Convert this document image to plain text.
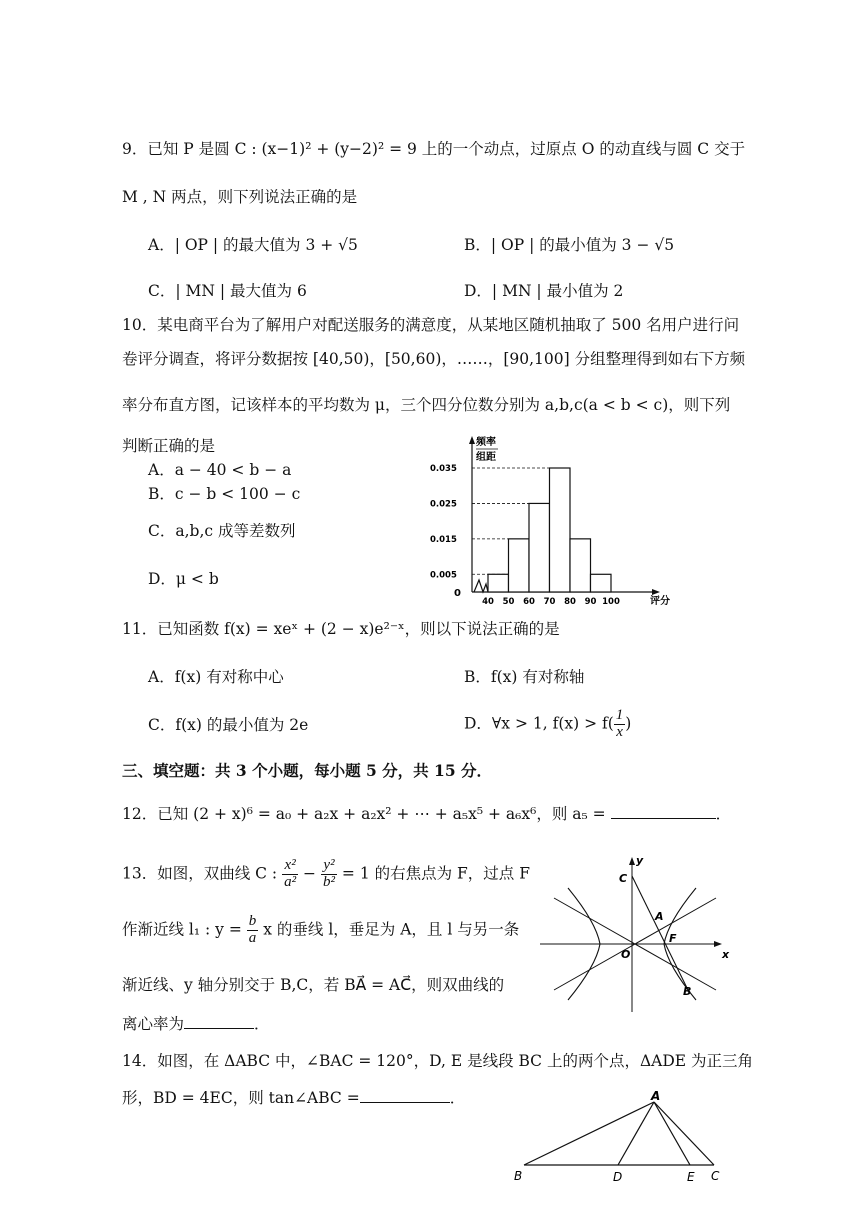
9．已知 P 是圆 C : (x−1)² + (y−2)² = 9 上的一个动点，过原点 O 的动直线与圆 C 交于
M , N 两点，则下列说法正确的是
A．| OP | 的最大值为 3 + √5	B．| OP | 的最小值为 3 − √5
C．| MN | 最大值为 6	D．| MN | 最小值为 2
10．某电商平台为了解用户对配送服务的满意度，从某地区随机抽取了 500 名用户进行问
卷评分调查，将评分数据按 [40,50)，[50,60)，……，[90,100] 分组整理得到如右下方频
率分布直方图，记该样本的平均数为 μ，三个四分位数分别为 a,b,c(a < b < c)，则下列
判断正确的是
A．a − 40 < b − a
B．c − b < 100 − c
C．a,b,c 成等差数列
D．μ < b
频率
组距
0
评分
0.035
0.025
0.015
0.005
40 50 60 70 80 90 100
11．已知函数 f(x) = xeˣ + (2 − x)e²⁻ˣ，则以下说法正确的是
A．f(x) 有对称中心	B．f(x) 有对称轴
C．f(x) 的最小值为 2e	D．∀x > 1, $f(x) > f( \frac{1}{x}$ )
三、填空题：共 3 个小题，每小题 5 分，共 15 分．
12．已知 (2 + x)⁶ = a₀ + a₂x + a₂x² + ⋯ + a₅x⁵ + a₆x⁶，则 a₅ =	．
13．如图，双曲线 C : $\frac{\text{x²}}{\text{a²}} - \frac{\text{y²}}{\text{b²}} = 1$ 的右焦点为 F，过点 F
作渐近线 l₁ : $y = \frac{b}{a}$ x 的垂线 l，垂足为 A，且 l 与另一条
渐近线、y 轴分别交于 B,C，若 BA⃗ = AC⃗，则双曲线的
离心率为	．
y
x
O
C
A
F
B
14．如图，在 ΔABC 中，∠BAC = 120°，D, E 是线段 BC 上的两个点，ΔADE 为正三角
形，BD = 4EC，则 tan∠ABC =	．	A
B	D	E C
